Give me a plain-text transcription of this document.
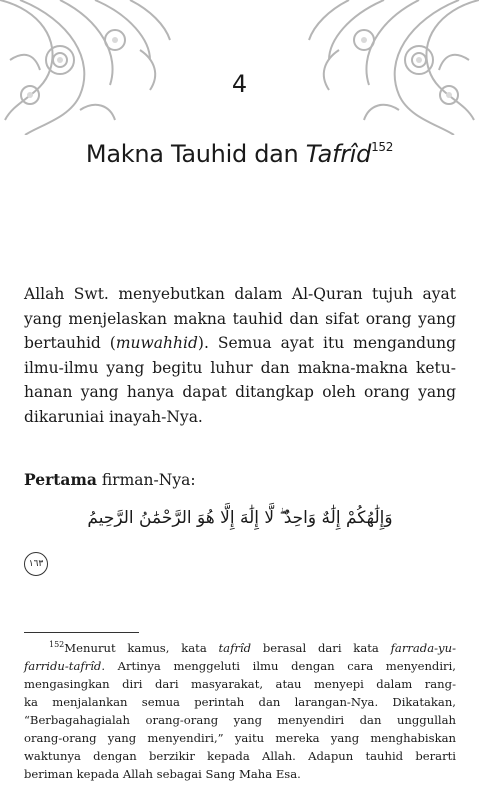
4
Makna Tauhid dan Tafrîd$^{152}$
Allah Swt. menyebutkan dalam Al-Quran tujuh ayat
yang menjelaskan makna tauhid dan sifat orang yang
bertauhid (muwahhid). Semua ayat itu mengandung
ilmu-ilmu yang begitu luhur dan makna-makna ketu-
hanan yang hanya dapat ditangkap oleh orang yang
dikaruniai inayah-Nya.
Pertama firman-Nya:
وَإِلَٰهُكُمْ إِلَٰهٌ وَاحِدٌ ۖ لَّا إِلَٰهَ إِلَّا هُوَ الرَّحْمَٰنُ الرَّحِيمُ
١٦٣
$^{152}$Menurut kamus, kata tafrîd berasal dari kata farrada-yu-
farridu-tafrîd. Artinya menggeluti ilmu dengan cara menyendiri,
mengasingkan diri dari masyarakat, atau menyepi dalam rang-
ka menjalankan semua perintah dan larangan-Nya. Dikatakan,
“Berbagahagialah orang-orang yang menyendiri dan unggullah
orang-orang yang menyendiri,” yaitu mereka yang menghabiskan
waktunya dengan berzikir kepada Allah. Adapun tauhid berarti
beriman kepada Allah sebagai Sang Maha Esa.
